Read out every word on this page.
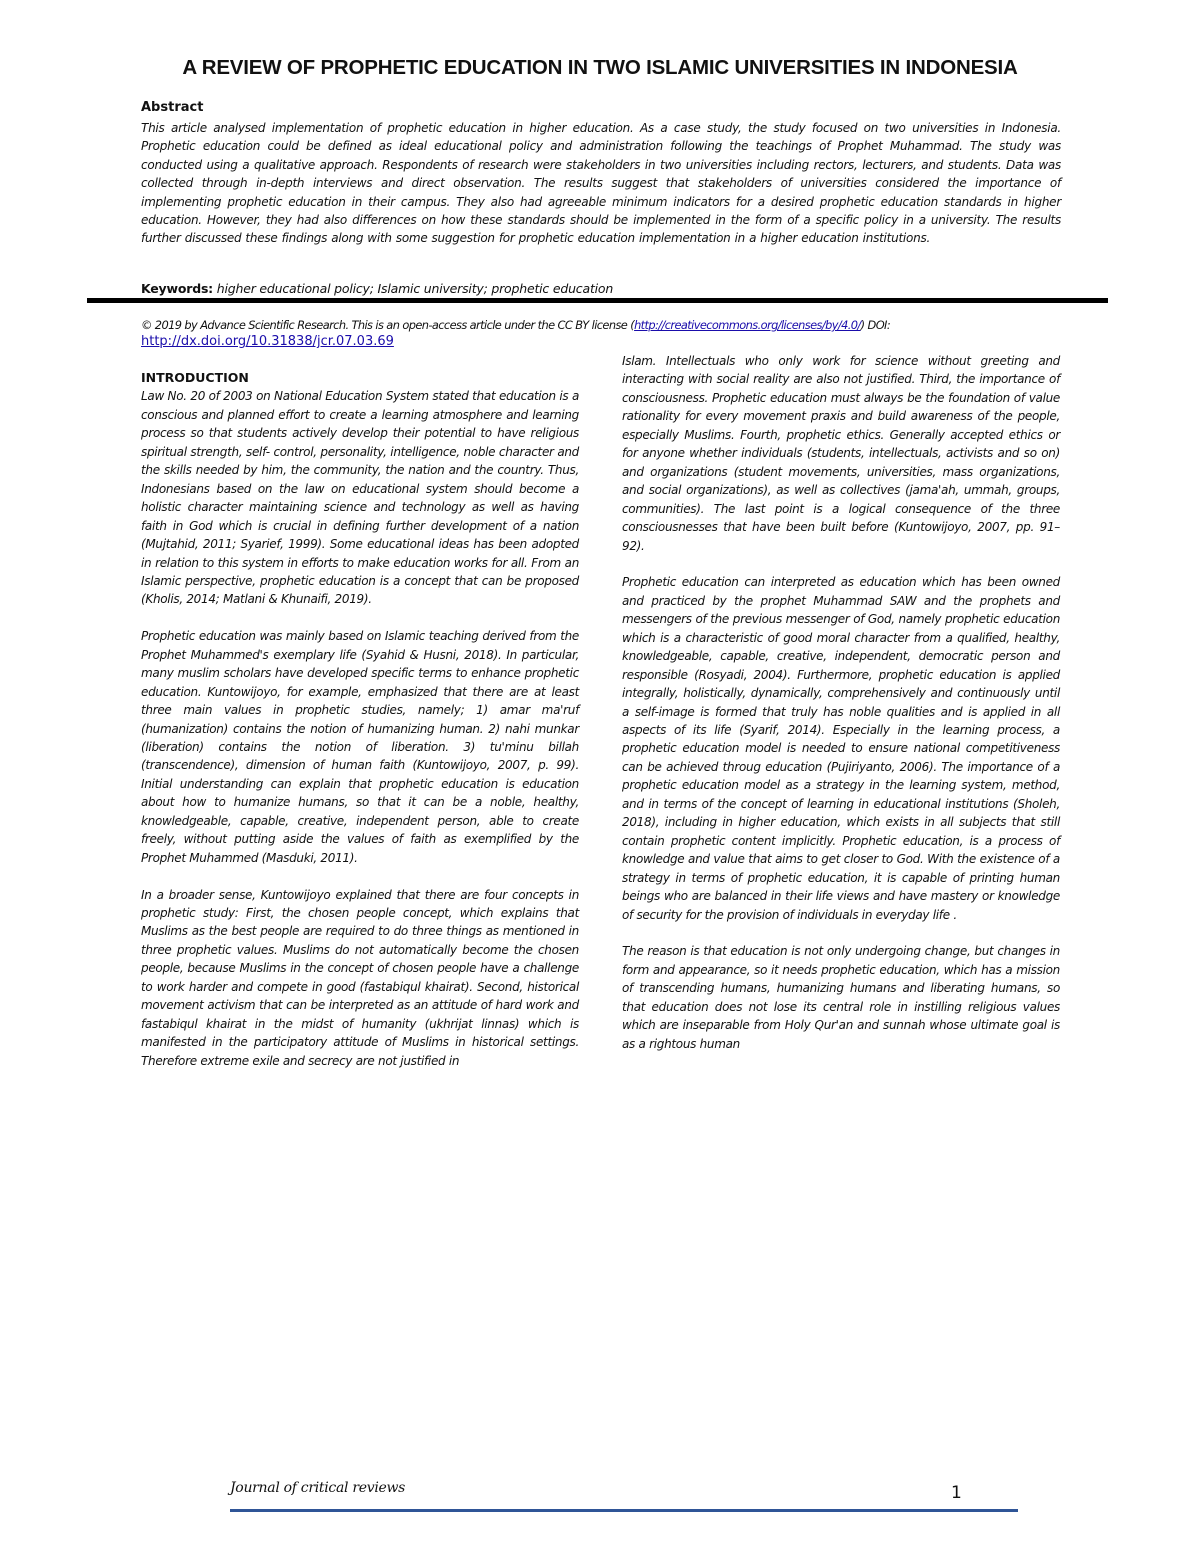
A REVIEW OF PROPHETIC EDUCATION IN TWO ISLAMIC UNIVERSITIES IN INDONESIA
Abstract

This article analysed implementation of prophetic education in higher education. As a case study, the study focused on two universities in Indonesia. Prophetic education could be defined as ideal educational policy and administration following the teachings of Prophet Muhammad. The study was conducted using a qualitative approach. Respondents of research were stakeholders in two universities including rectors, lecturers, and students. Data was collected through in-depth interviews and direct observation. The results suggest that stakeholders of universities considered the importance of implementing prophetic education in their campus. They also had agreeable minimum indicators for a desired prophetic education standards in higher education. However, they had also differences on how these standards should be implemented in the form of a specific policy in a university. The results further discussed these findings along with some suggestion for prophetic education implementation in a higher education institutions.

Keywords: higher educational policy; Islamic university; prophetic education

© 2019 by Advance Scientific Research. This is an open-access article under the CC BY license (http://creativecommons.org/licenses/by/4.0/) DOI:

http://dx.doi.org/10.31838/jcr.07.03.69
INTRODUCTION

Law No. 20 of 2003 on National Education System stated that education is a conscious and planned effort to create a learning atmosphere and learning process so that students actively develop their potential to have religious spiritual strength, self- control, personality, intelligence, noble character and the skills needed by him, the community, the nation and the country. Thus, Indonesians based on the law on educational system should become a holistic character maintaining science and technology as well as having faith in God which is crucial in defining further development of a nation (Mujtahid, 2011; Syarief, 1999). Some educational ideas has been adopted in relation to this system in efforts to make education works for all. From an Islamic perspective, prophetic education is a concept that can be proposed (Kholis, 2014; Matlani & Khunaifi, 2019).

Prophetic education was mainly based on Islamic teaching derived from the Prophet Muhammed's exemplary life (Syahid & Husni, 2018). In particular, many muslim scholars have developed specific terms to enhance prophetic education. Kuntowijoyo, for example, emphasized that there are at least three main values in prophetic studies, namely; 1) amar ma'ruf (humanization) contains the notion of humanizing human. 2) nahi munkar (liberation) contains the notion of liberation. 3) tu'minu billah (transcendence), dimension of human faith (Kuntowijoyo, 2007, p. 99). Initial understanding can explain that prophetic education is education about how to humanize humans, so that it can be a noble, healthy, knowledgeable, capable, creative, independent person, able to create freely, without putting aside the values of faith as exemplified by the Prophet Muhammed (Masduki, 2011).

In a broader sense, Kuntowijoyo explained that there are four concepts in prophetic study: First, the chosen people concept, which explains that Muslims as the best people are required to do three things as mentioned in three prophetic values. Muslims do not automatically become the chosen people, because Muslims in the concept of chosen people have a challenge to work harder and compete in good (fastabiqul khairat). Second, historical movement activism that can be interpreted as an attitude of hard work and fastabiqul khairat in the midst of humanity (ukhrijat linnas) which is manifested in the participatory attitude of Muslims in historical settings. Therefore extreme exile and secrecy are not justified in

Islam. Intellectuals who only work for science without greeting and interacting with social reality are also not justified. Third, the importance of consciousness. Prophetic education must always be the foundation of value rationality for every movement praxis and build awareness of the people, especially Muslims. Fourth, prophetic ethics. Generally accepted ethics or for anyone whether individuals (students, intellectuals, activists and so on) and organizations (student movements, universities, mass organizations, and social organizations), as well as collectives (jama'ah, ummah, groups, communities). The last point is a logical consequence of the three consciousnesses that have been built before (Kuntowijoyo, 2007, pp. 91–92).

Prophetic education can interpreted as education which has been owned and practiced by the prophet Muhammad SAW and the prophets and messengers of the previous messenger of God, namely prophetic education which is a characteristic of good moral character from a qualified, healthy, knowledgeable, capable, creative, independent, democratic person and responsible (Rosyadi, 2004). Furthermore, prophetic education is applied integrally, holistically, dynamically, comprehensively and continuously until a self-image is formed that truly has noble qualities and is applied in all aspects of its life (Syarif, 2014). Especially in the learning process, a prophetic education model is needed to ensure national competitiveness can be achieved throug education (Pujiriyanto, 2006). The importance of a prophetic education model as a strategy in the learning system, method, and in terms of the concept of learning in educational institutions (Sholeh, 2018), including in higher education, which exists in all subjects that still contain prophetic content implicitly. Prophetic education, is a process of knowledge and value that aims to get closer to God. With the existence of a strategy in terms of prophetic education, it is capable of printing human beings who are balanced in their life views and have mastery or knowledge of security for the provision of individuals in everyday life .

The reason is that education is not only undergoing change, but changes in form and appearance, so it needs prophetic education, which has a mission of transcending humans, humanizing humans and liberating humans, so that education does not lose its central role in instilling religious values which are inseparable from Holy Qur'an and sunnah whose ultimate goal is as a rightous human

Journal of critical reviews	1
